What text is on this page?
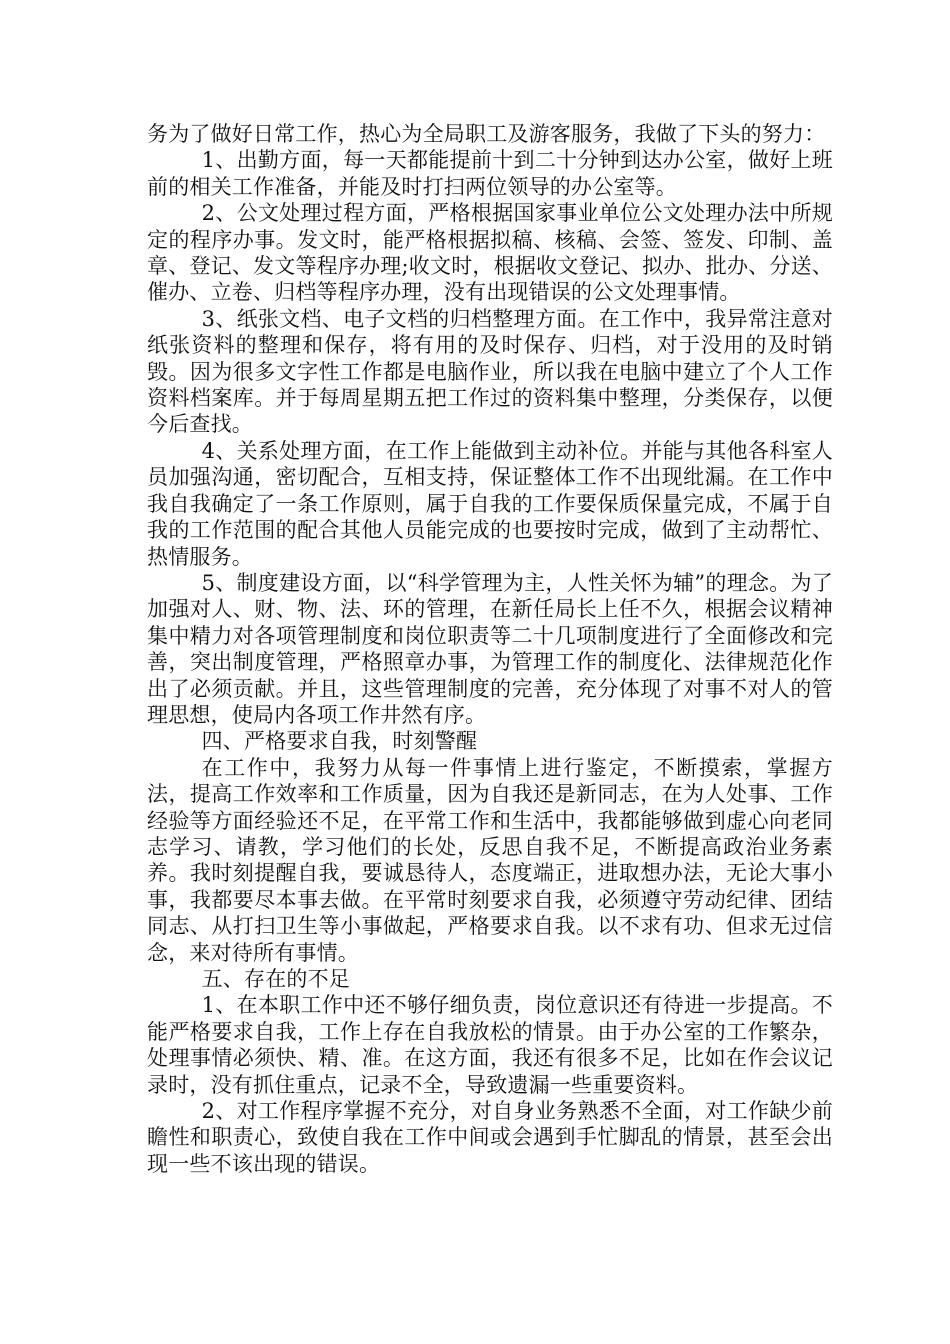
务为了做好日常工作，热心为全局职工及游客服务，我做了下头的努力：

1、出勤方面，每一天都能提前十到二十分钟到达办公室，做好上班前的相关工作准备，并能及时打扫两位领导的办公室等。

2、公文处理过程方面，严格根据国家事业单位公文处理办法中所规定的程序办事。发文时，能严格根据拟稿、核稿、会签、签发、印制、盖章、登记、发文等程序办理;收文时，根据收文登记、拟办、批办、分送、催办、立卷、归档等程序办理，没有出现错误的公文处理事情。

3、纸张文档、电子文档的归档整理方面。在工作中，我异常注意对纸张资料的整理和保存，将有用的及时保存、归档，对于没用的及时销毁。因为很多文字性工作都是电脑作业，所以我在电脑中建立了个人工作资料档案库。并于每周星期五把工作过的资料集中整理，分类保存，以便今后查找。

4、关系处理方面，在工作上能做到主动补位。并能与其他各科室人员加强沟通，密切配合，互相支持，保证整体工作不出现纰漏。在工作中我自我确定了一条工作原则，属于自我的工作要保质保量完成，不属于自我的工作范围的配合其他人员能完成的也要按时完成，做到了主动帮忙、热情服务。

5、制度建设方面，以“科学管理为主，人性关怀为辅”的理念。为了加强对人、财、物、法、环的管理，在新任局长上任不久，根据会议精神集中精力对各项管理制度和岗位职责等二十几项制度进行了全面修改和完善，突出制度管理，严格照章办事，为管理工作的制度化、法律规范化作出了必须贡献。并且，这些管理制度的完善，充分体现了对事不对人的管理思想，使局内各项工作井然有序。

四、严格要求自我，时刻警醒

在工作中，我努力从每一件事情上进行鉴定，不断摸索，掌握方法，提高工作效率和工作质量，因为自我还是新同志，在为人处事、工作经验等方面经验还不足，在平常工作和生活中，我都能够做到虚心向老同志学习、请教，学习他们的长处，反思自我不足，不断提高政治业务素养。我时刻提醒自我，要诚恳待人，态度端正，进取想办法，无论大事小事，我都要尽本事去做。在平常时刻要求自我，必须遵守劳动纪律、团结同志、从打扫卫生等小事做起，严格要求自我。以不求有功、但求无过信念，来对待所有事情。

五、存在的不足

1、在本职工作中还不够仔细负责，岗位意识还有待进一步提高。不能严格要求自我，工作上存在自我放松的情景。由于办公室的工作繁杂，处理事情必须快、精、准。在这方面，我还有很多不足，比如在作会议记录时，没有抓住重点，记录不全，导致遗漏一些重要资料。

2、对工作程序掌握不充分，对自身业务熟悉不全面，对工作缺少前瞻性和职责心，致使自我在工作中间或会遇到手忙脚乱的情景，甚至会出现一些不该出现的错误。
